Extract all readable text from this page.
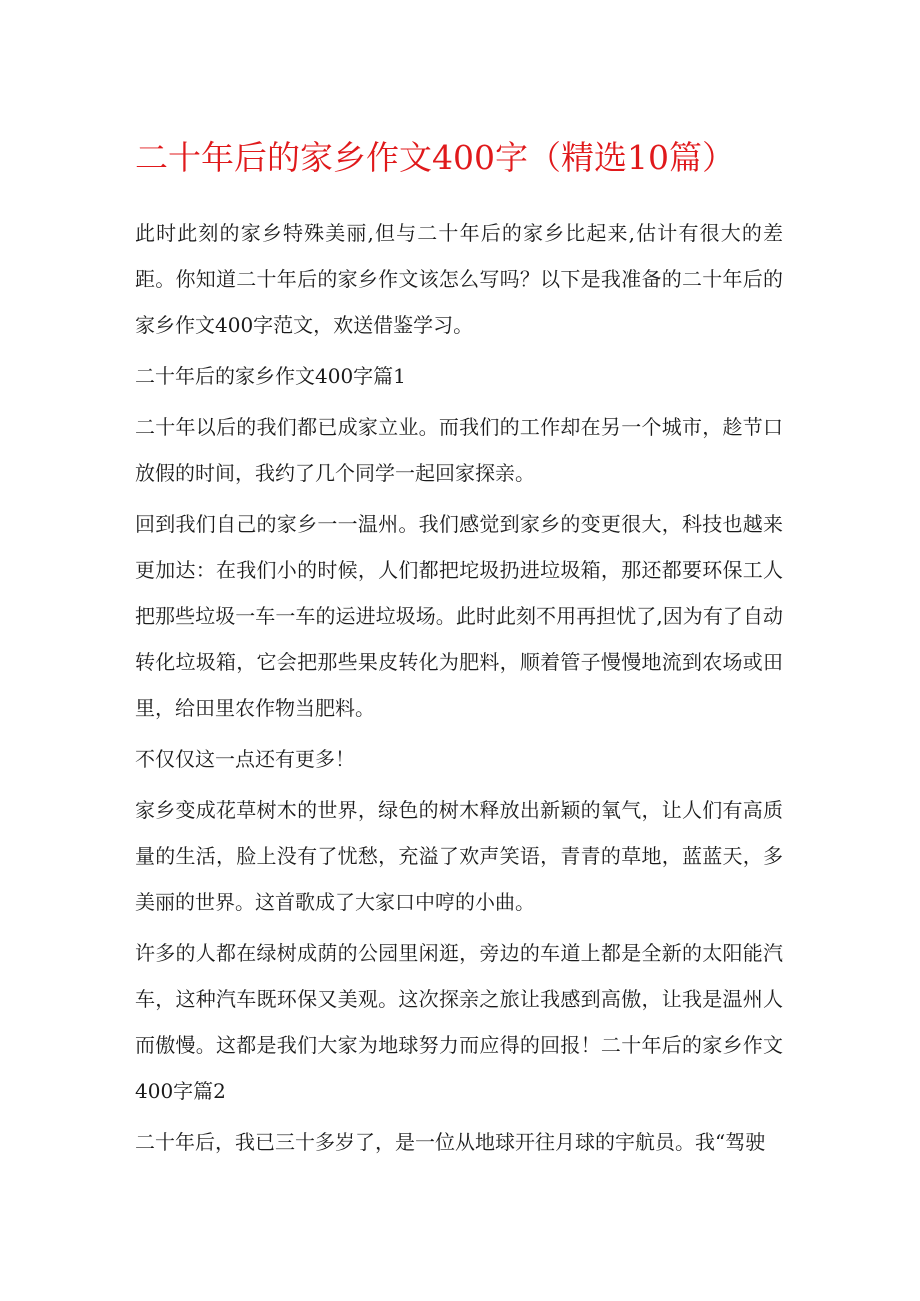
二十年后的家乡作文400字（精选10篇）

此时此刻的家乡特殊美丽,但与二十年后的家乡比起来,估计有很大的差距。你知道二十年后的家乡作文该怎么写吗？以下是我准备的二十年后的家乡作文400字范文，欢送借鉴学习。

二十年后的家乡作文400字篇1

二十年以后的我们都已成家立业。而我们的工作却在另一个城市，趁节口放假的时间，我约了几个同学一起回家探亲。

回到我们自己的家乡一一温州。我们感觉到家乡的变更很大，科技也越来更加达：在我们小的时候，人们都把坨圾扔进垃圾箱，那还都要环保工人把那些垃圾一车一车的运进垃圾场。此时此刻不用再担忧了,因为有了自动转化垃圾箱，它会把那些果皮转化为肥料，顺着管子慢慢地流到农场或田里，给田里农作物当肥料。

不仅仅这一点还有更多！

家乡变成花草树木的世界，绿色的树木释放出新颖的氧气，让人们有高质量的生活，脸上没有了忧愁，充溢了欢声笑语，青青的草地，蓝蓝天，多美丽的世界。这首歌成了大家口中哼的小曲。

许多的人都在绿树成荫的公园里闲逛，旁边的车道上都是全新的太阳能汽车，这种汽车既环保又美观。这次探亲之旅让我感到高傲，让我是温州人而傲慢。这都是我们大家为地球努力而应得的回报！二十年后的家乡作文400字篇2

二十年后，我已三十多岁了，是一位从地球开往月球的宇航员。我“驾驶
